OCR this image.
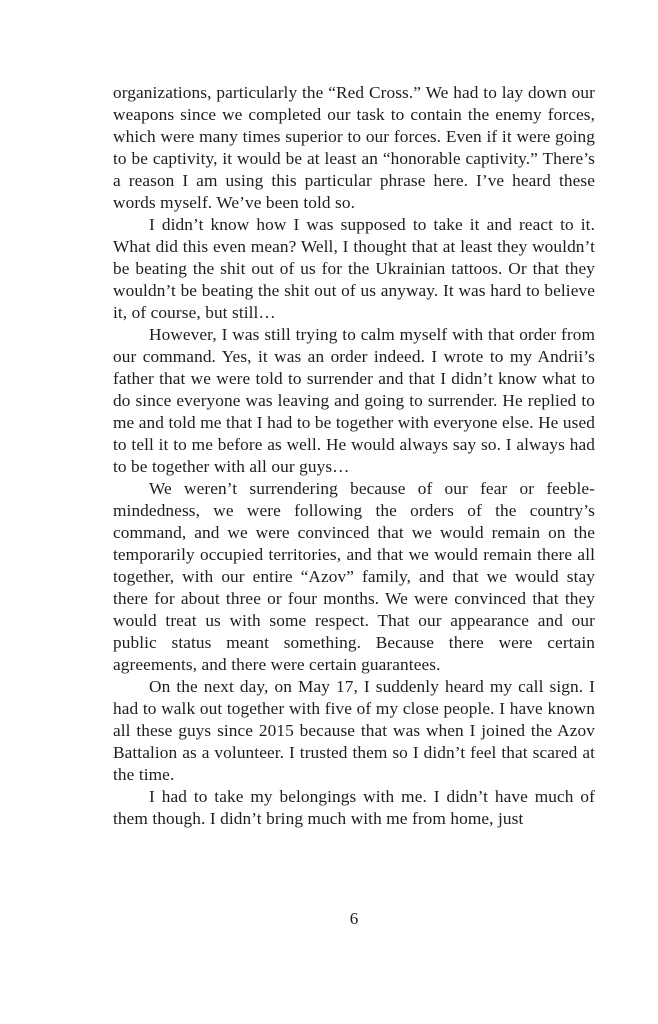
organizations, particularly the “Red Cross.” We had to lay down our weapons since we completed our task to contain the enemy forces, which were many times superior to our forces. Even if it were going to be captivity, it would be at least an “honorable captivity.” There’s a reason I am using this particular phrase here. I’ve heard these words myself. We’ve been told so.

I didn’t know how I was supposed to take it and react to it. What did this even mean? Well, I thought that at least they wouldn’t be beating the shit out of us for the Ukrainian tattoos. Or that they wouldn’t be beating the shit out of us anyway. It was hard to believe it, of course, but still…

However, I was still trying to calm myself with that order from our command. Yes, it was an order indeed. I wrote to my Andrii’s father that we were told to surrender and that I didn’t know what to do since everyone was leaving and going to surrender. He replied to me and told me that I had to be together with everyone else. He used to tell it to me before as well. He would always say so. I always had to be together with all our guys…

We weren’t surrendering because of our fear or feeble-mindedness, we were following the orders of the country’s command, and we were convinced that we would remain on the temporarily occupied territories, and that we would remain there all together, with our entire “Azov” family, and that we would stay there for about three or four months. We were convinced that they would treat us with some respect. That our appearance and our public status meant something. Because there were certain agreements, and there were certain guarantees.

On the next day, on May 17, I suddenly heard my call sign. I had to walk out together with five of my close people. I have known all these guys since 2015 because that was when I joined the Azov Battalion as a volunteer. I trusted them so I didn’t feel that scared at the time.

I had to take my belongings with me. I didn’t have much of them though. I didn’t bring much with me from home, just

6
